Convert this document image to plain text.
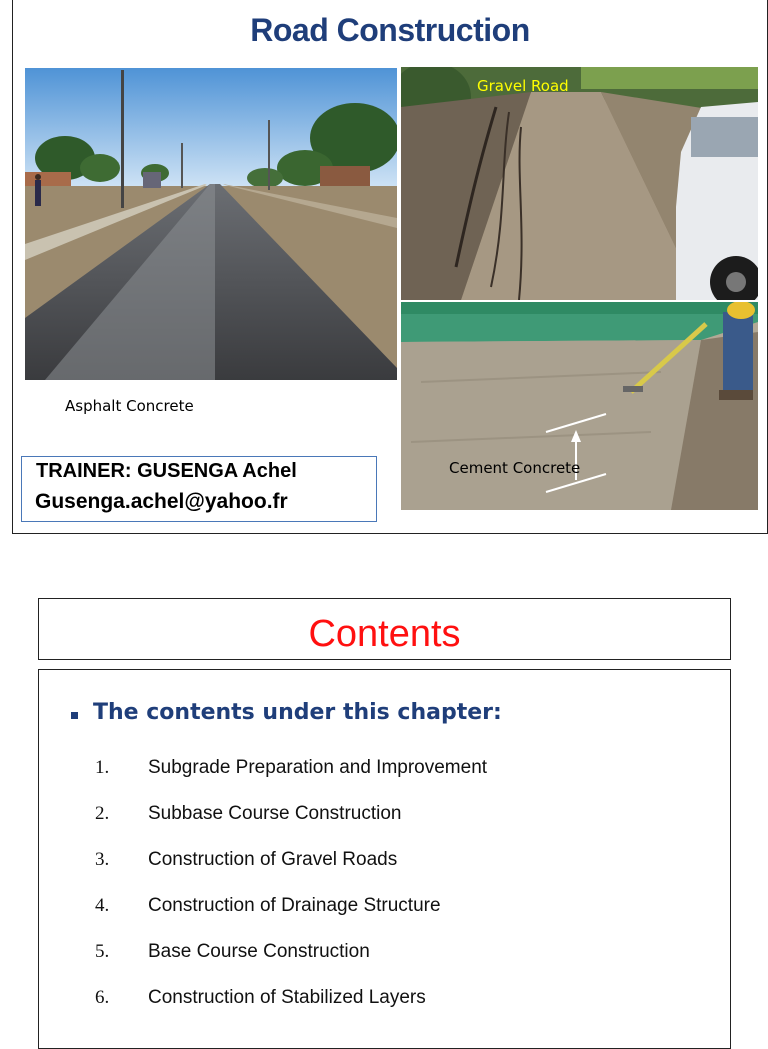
Road Construction
Asphalt Concrete
Gravel Road
Cement Concrete
TRAINER: GUSENGA Achel
Gusenga.achel@yahoo.fr
Contents
The contents under this chapter:
1. Subgrade Preparation and Improvement
2. Subbase Course Construction
3. Construction of Gravel Roads
4. Construction of Drainage Structure
5. Base Course Construction
6. Construction of Stabilized Layers
